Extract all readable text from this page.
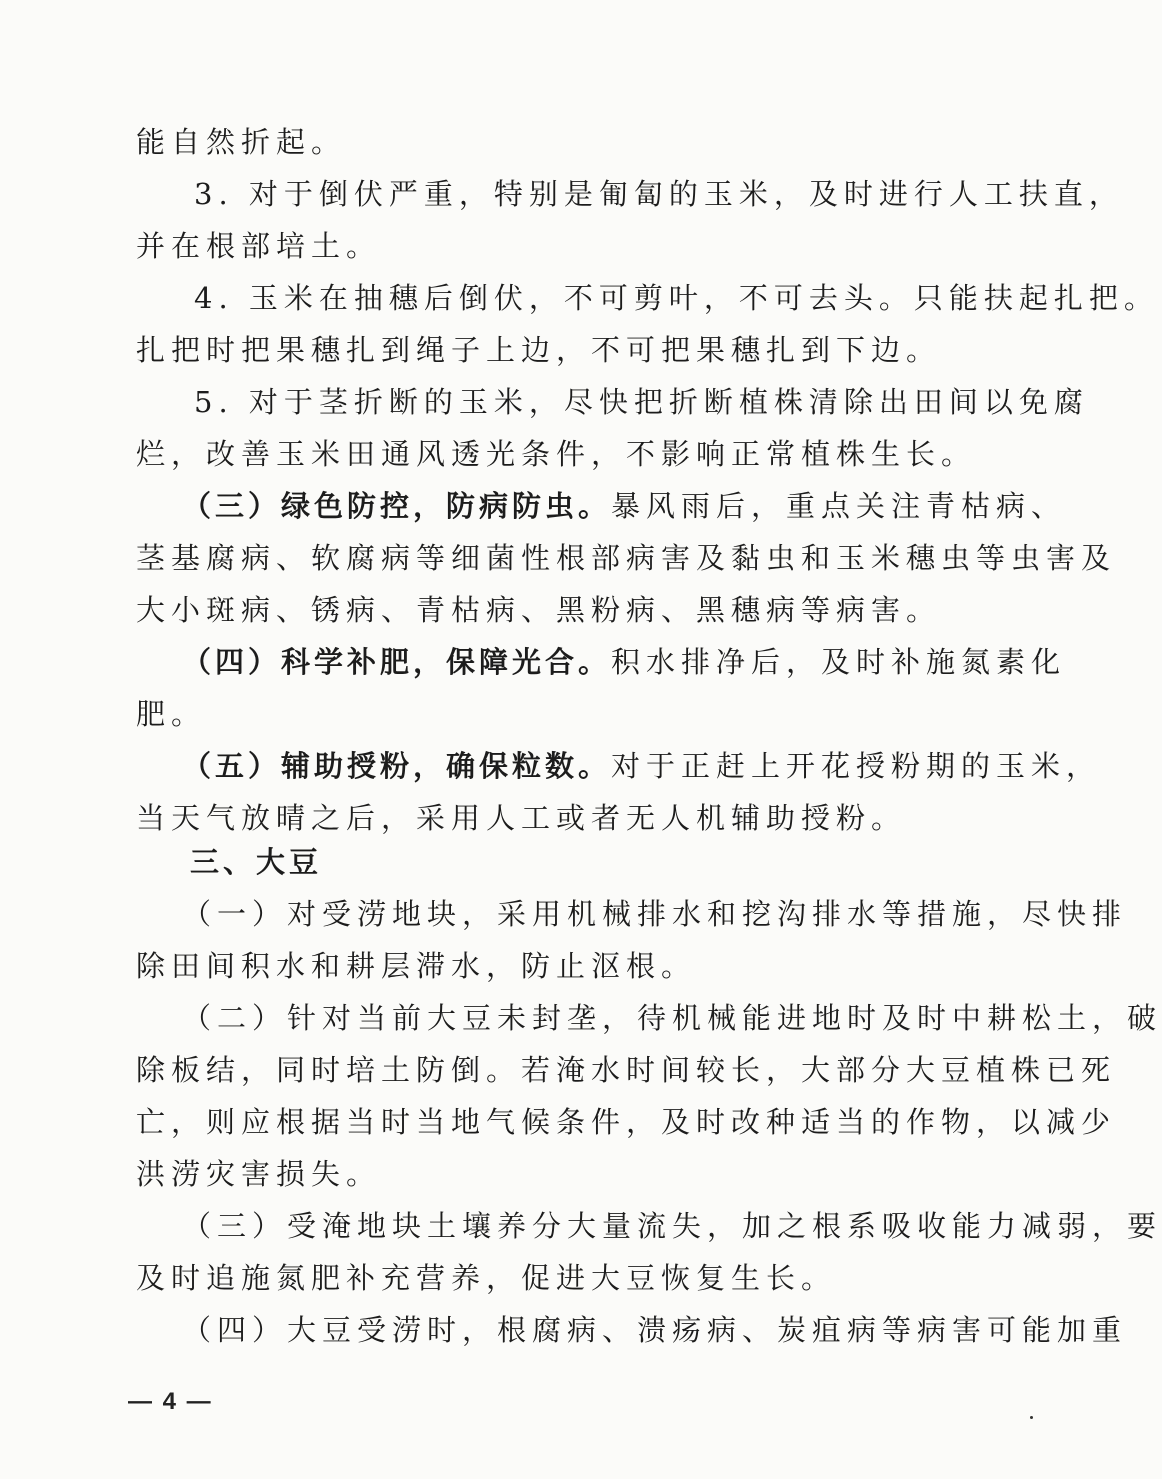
能自然折起。
3. 对于倒伏严重，特别是匍匐的玉米，及时进行人工扶直，
并在根部培土。
4. 玉米在抽穗后倒伏，不可剪叶，不可去头。只能扶起扎把。
扎把时把果穗扎到绳子上边，不可把果穗扎到下边。
5. 对于茎折断的玉米，尽快把折断植株清除出田间以免腐
烂，改善玉米田通风透光条件，不影响正常植株生长。
（三）绿色防控，防病防虫。暴风雨后，重点关注青枯病、
茎基腐病、软腐病等细菌性根部病害及黏虫和玉米穗虫等虫害及
大小斑病、锈病、青枯病、黑粉病、黑穗病等病害。
（四）科学补肥，保障光合。积水排净后，及时补施氮素化
肥。
（五）辅助授粉，确保粒数。对于正赶上开花授粉期的玉米，
当天气放晴之后，采用人工或者无人机辅助授粉。
三、大豆
（一）对受涝地块，采用机械排水和挖沟排水等措施，尽快排
除田间积水和耕层滞水，防止沤根。
（二）针对当前大豆未封垄，待机械能进地时及时中耕松土，破
除板结，同时培土防倒。若淹水时间较长，大部分大豆植株已死
亡，则应根据当时当地气候条件，及时改种适当的作物，以减少
洪涝灾害损失。
（三）受淹地块土壤养分大量流失，加之根系吸收能力减弱，要
及时追施氮肥补充营养，促进大豆恢复生长。
（四）大豆受涝时，根腐病、溃疡病、炭疽病等病害可能加重
— 4 —
